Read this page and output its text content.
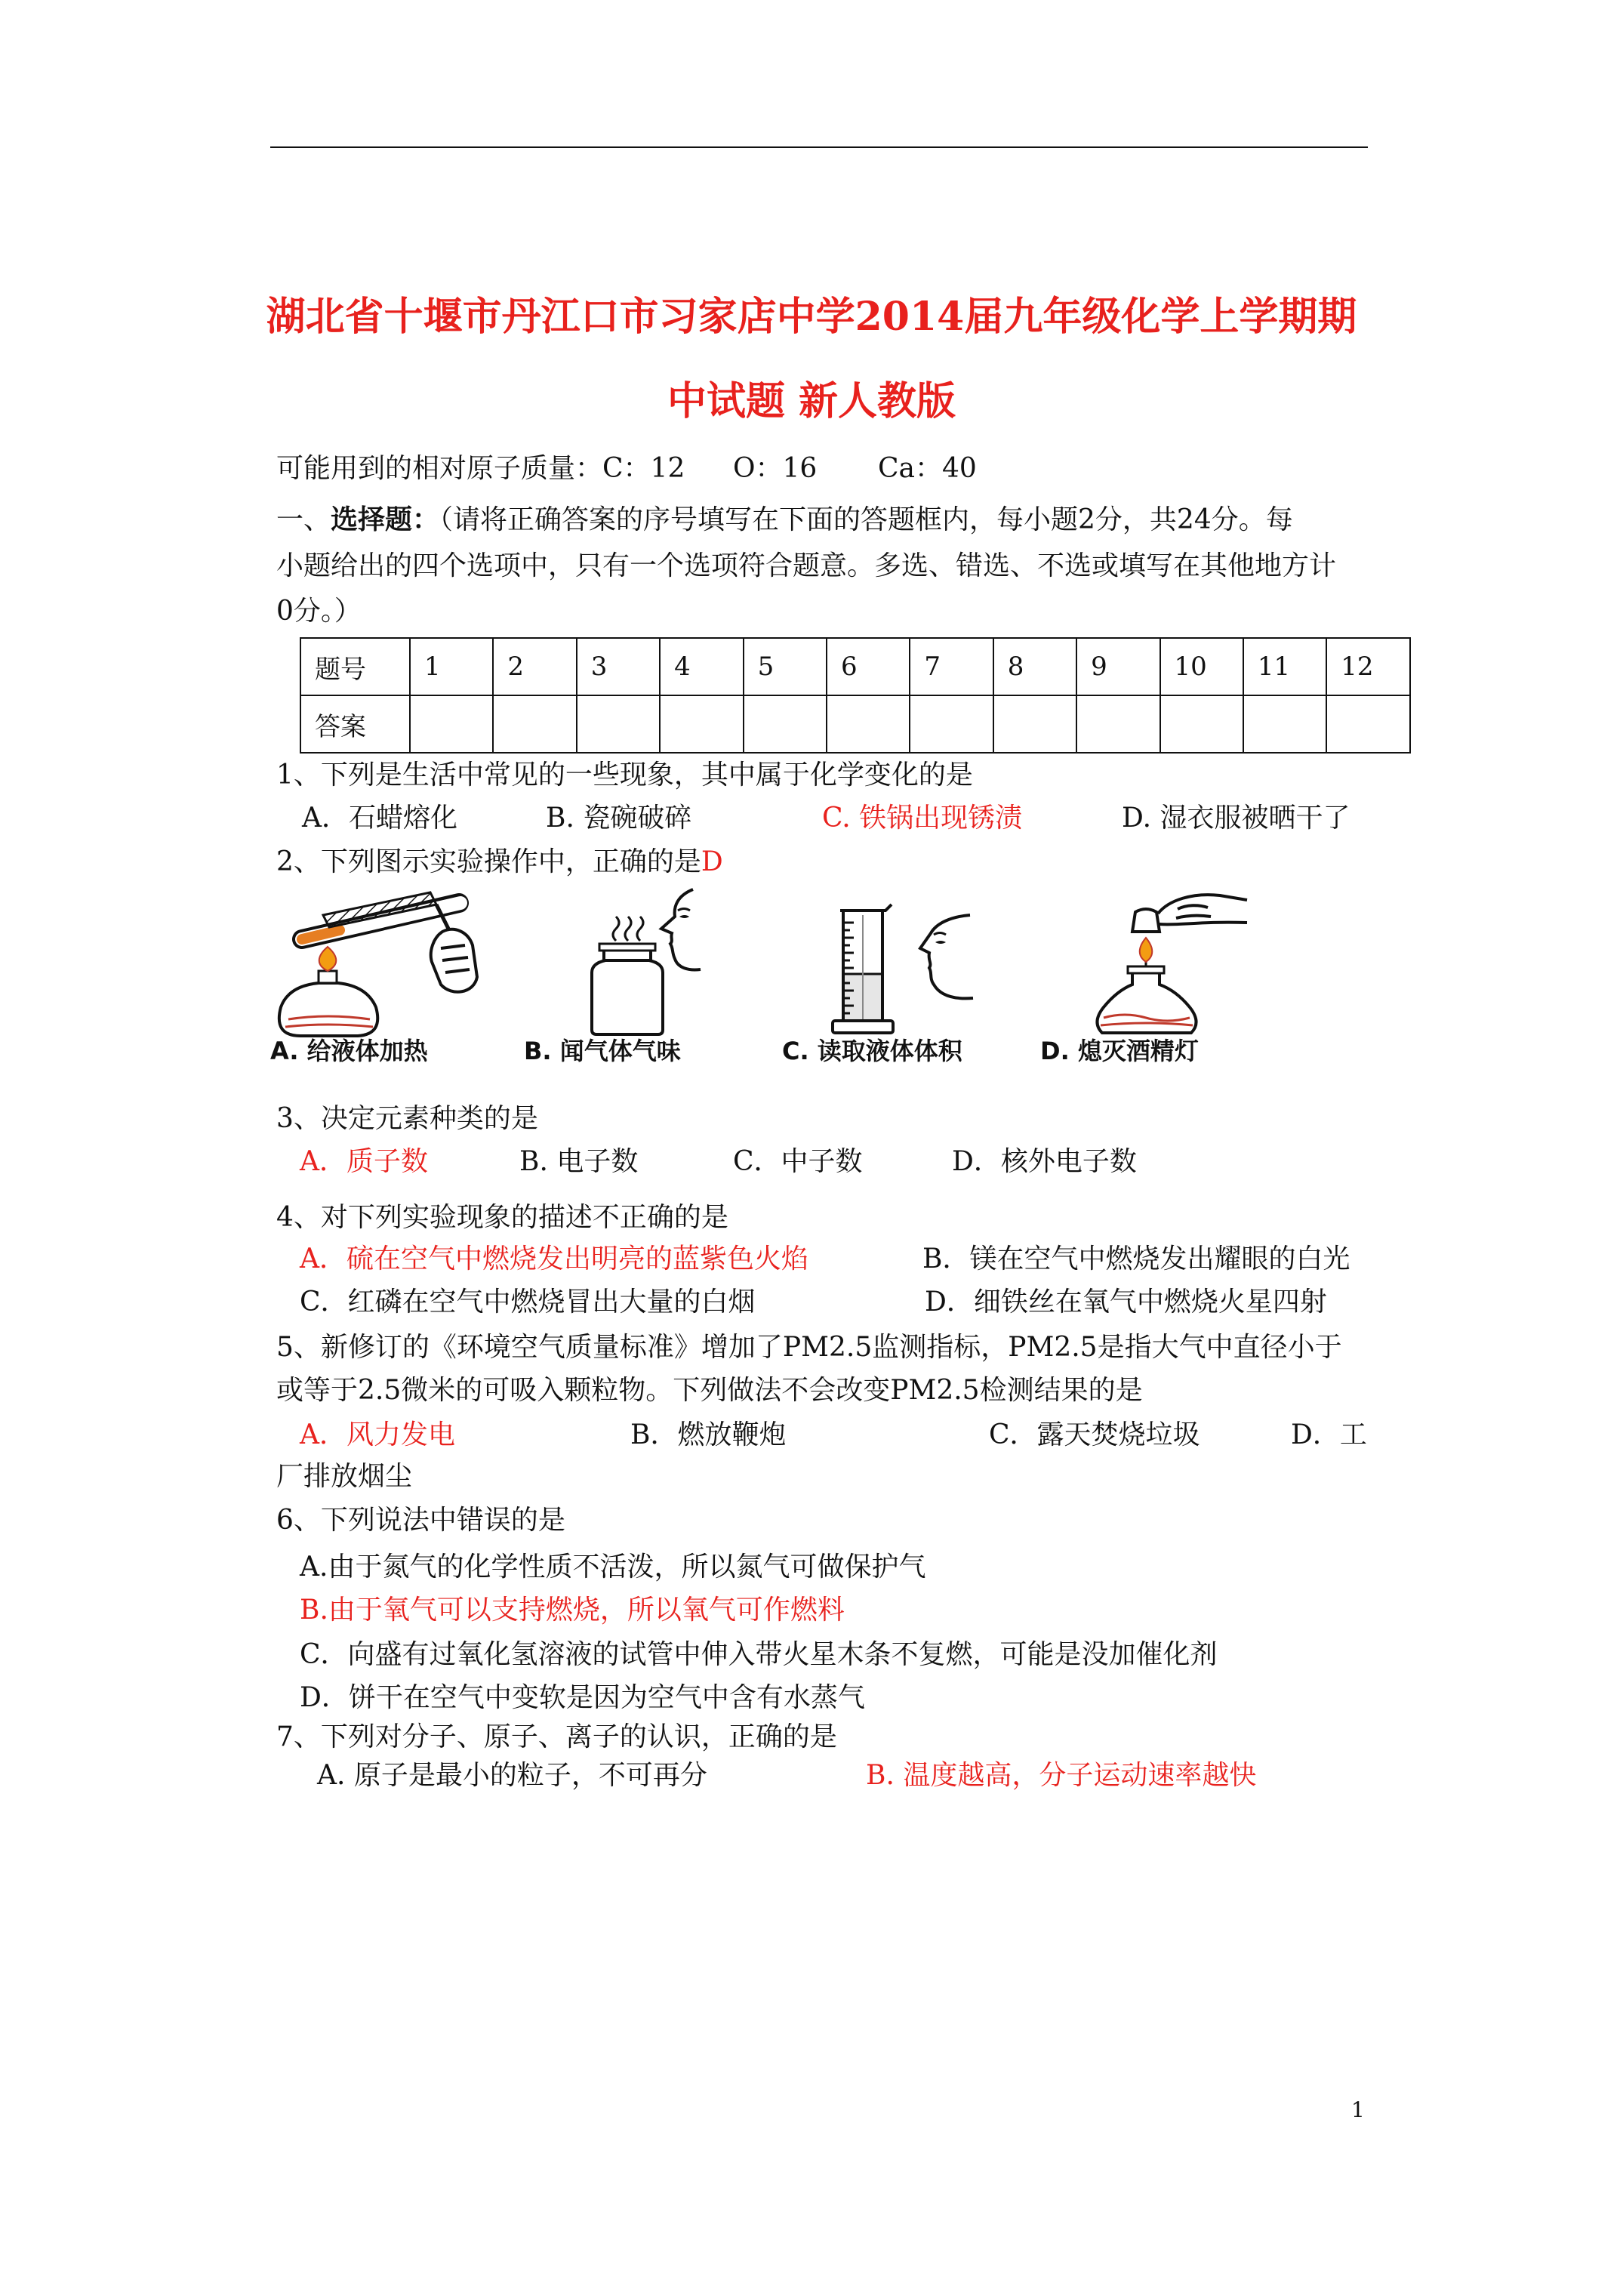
湖北省十堰市丹江口市习家店中学2014届九年级化学上学期期
中试题 新人教版
可能用到的相对原子质量：C：12 O：16 Ca：40
一、选择题：（请将正确答案的序号填写在下面的答题框内，每小题2分，共24分。每
小题给出的四个选项中，只有一个选项符合题意。多选、错选、不选或填写在其他地方计
0分。）
题号	1	2	3	4	5	6	7	8	9	10	11	12
答案												
1、下列是生活中常见的一些现象，其中属于化学变化的是
A．石蜡熔化	B. 瓷碗破碎	C. 铁锅出现锈渍	D. 湿衣服被晒干了
2、下列图示实验操作中，正确的是D
A. 给液体加热	B. 闻气体气味	C. 读取液体体积	D. 熄灭酒精灯
3、决定元素种类的是
A．质子数	B. 电子数	C．中子数	D．核外电子数
4、对下列实验现象的描述不正确的是
A．硫在空气中燃烧发出明亮的蓝紫色火焰	B．镁在空气中燃烧发出耀眼的白光
C．红磷在空气中燃烧冒出大量的白烟	D．细铁丝在氧气中燃烧火星四射
5、新修订的《环境空气质量标准》增加了PM2.5监测指标，PM2.5是指大气中直径小于
或等于2.5微米的可吸入颗粒物。下列做法不会改变PM2.5检测结果的是
A．风力发电	B．燃放鞭炮	C．露天焚烧垃圾	D．工
厂排放烟尘
6、下列说法中错误的是
A.由于氮气的化学性质不活泼，所以氮气可做保护气
B.由于氧气可以支持燃烧，所以氧气可作燃料
C．向盛有过氧化氢溶液的试管中伸入带火星木条不复燃，可能是没加催化剂
D．饼干在空气中变软是因为空气中含有水蒸气
7、下列对分子、原子、离子的认识，正确的是
A. 原子是最小的粒子，不可再分	B. 温度越高，分子运动速率越快
1
